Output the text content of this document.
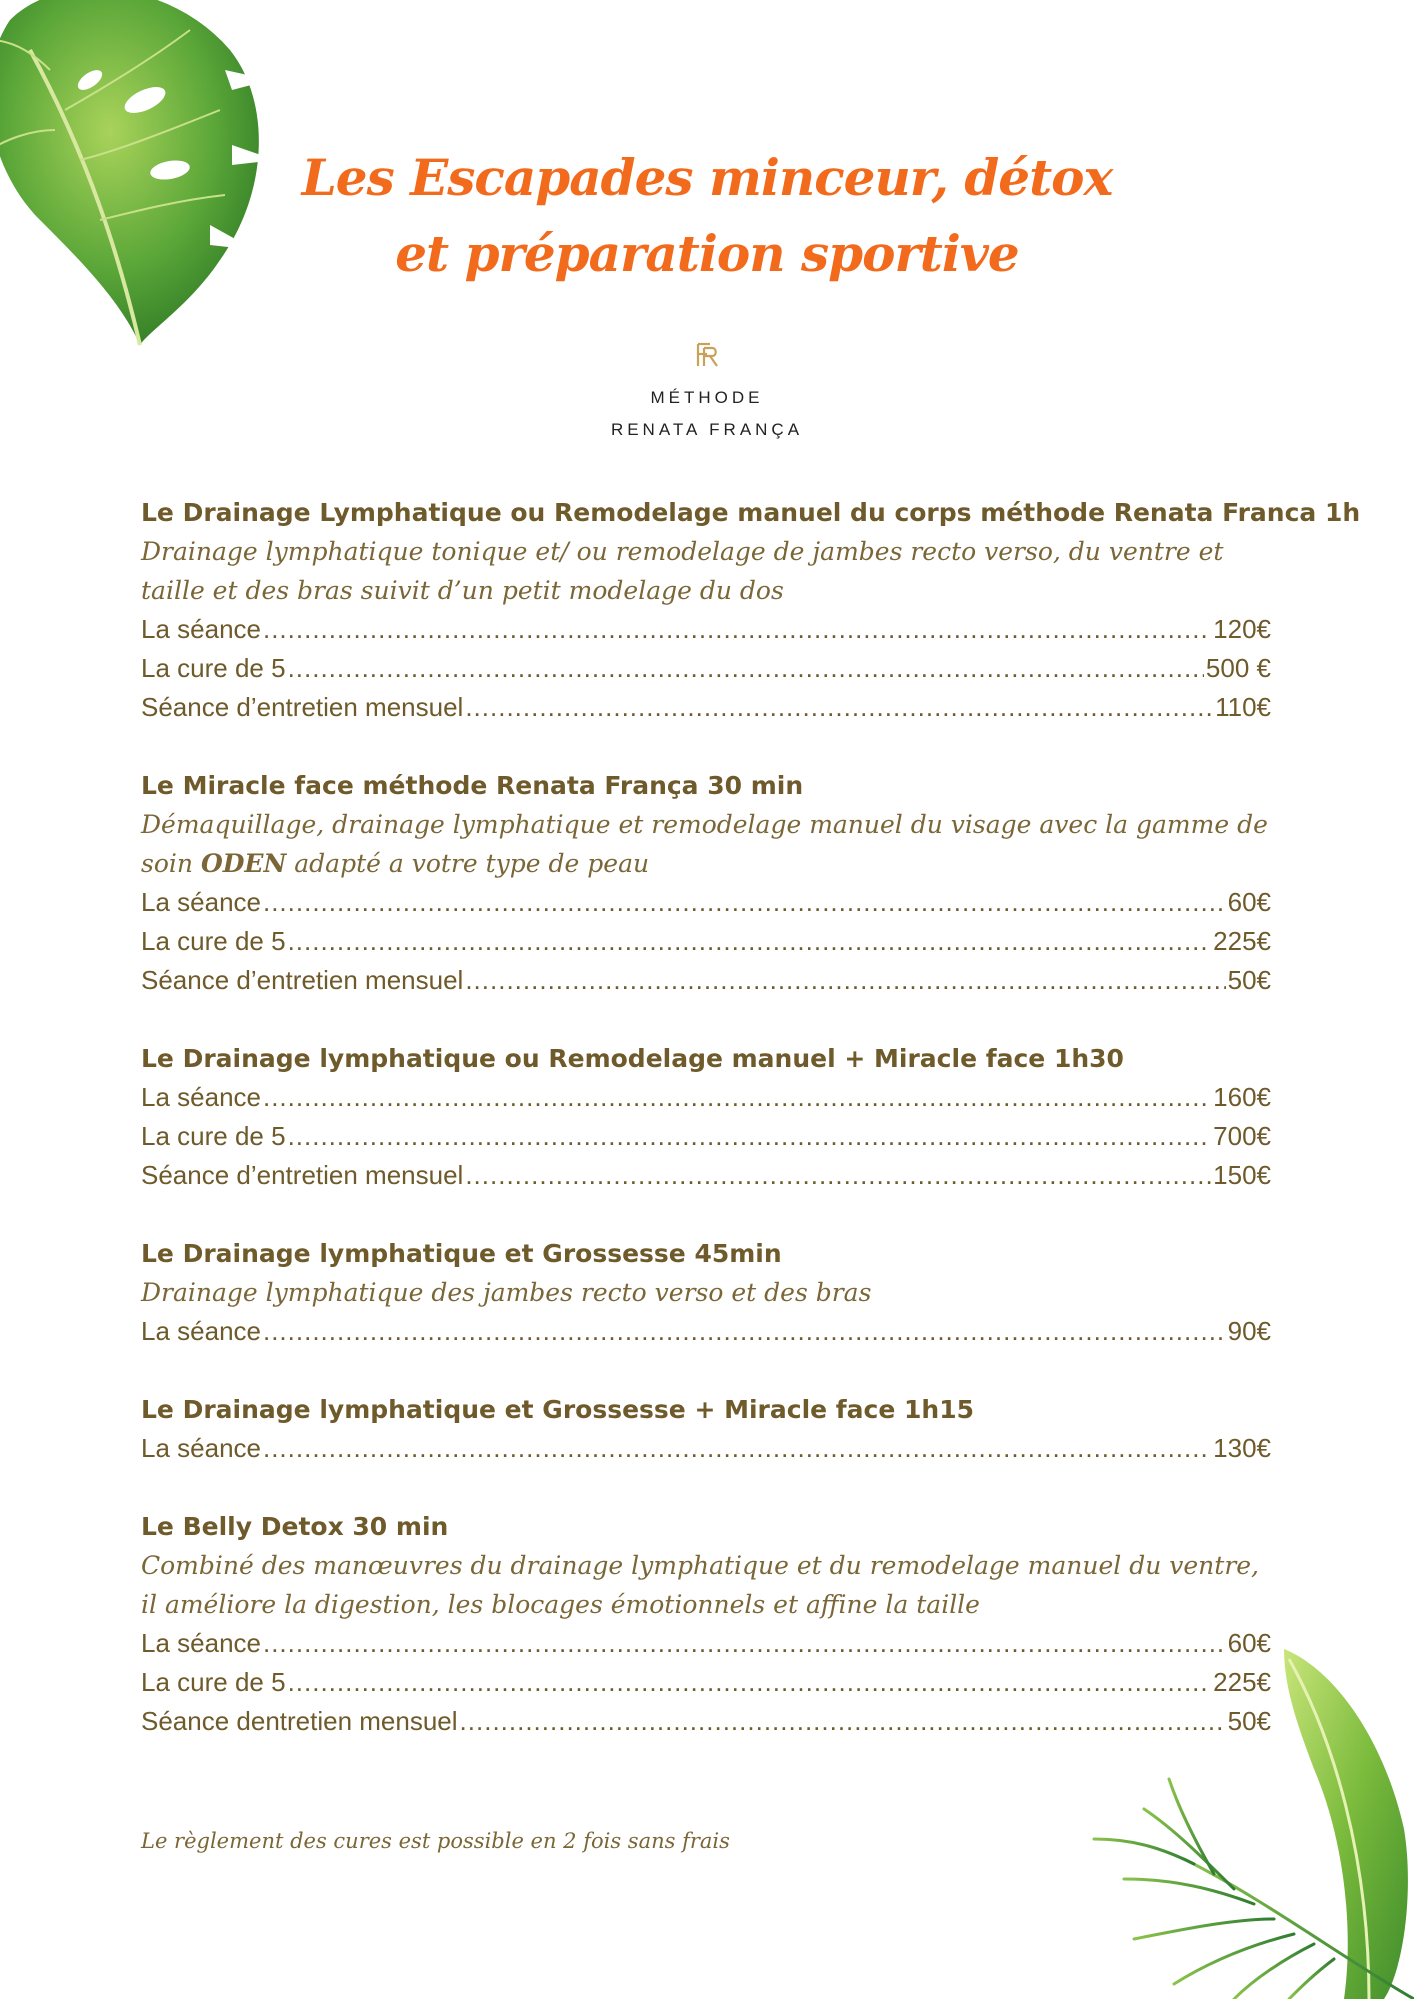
Les Escapades minceur, détox
et préparation sportive
MÉTHODE
RENATA FRANÇA
Le Drainage Lymphatique ou Remodelage manuel du corps méthode Renata Franca 1h
Drainage lymphatique tonique et/ ou remodelage de jambes recto verso, du ventre et taille et des bras suivit d’un petit modelage du dos
La séance .....	120€
La cure de 5 .....	500 €
Séance d’entretien mensuel .....	110€
Le Miracle face méthode Renata França 30 min
Démaquillage, drainage lymphatique et remodelage manuel du visage avec la gamme de soin ODEN adapté a votre type de peau
La séance .....	60€
La cure de 5 .....	225€
Séance d’entretien mensuel .....	50€
Le Drainage lymphatique ou Remodelage manuel + Miracle face 1h30
La séance .....	160€
La cure de 5 .....	700€
Séance d’entretien mensuel .....	150€
Le Drainage lymphatique et Grossesse 45min
Drainage lymphatique des jambes recto verso et des bras
La séance .....	90€
Le Drainage lymphatique et Grossesse + Miracle face 1h15
La séance .....	130€
Le Belly Detox 30 min
Combiné des manœuvres du drainage lymphatique et du remodelage manuel du ventre, il améliore la digestion, les blocages émotionnels et affine la taille
La séance .....	60€
La cure de 5 .....	225€
Séance dentretien mensuel .....	50€
Le règlement des cures est possible en 2 fois sans frais
